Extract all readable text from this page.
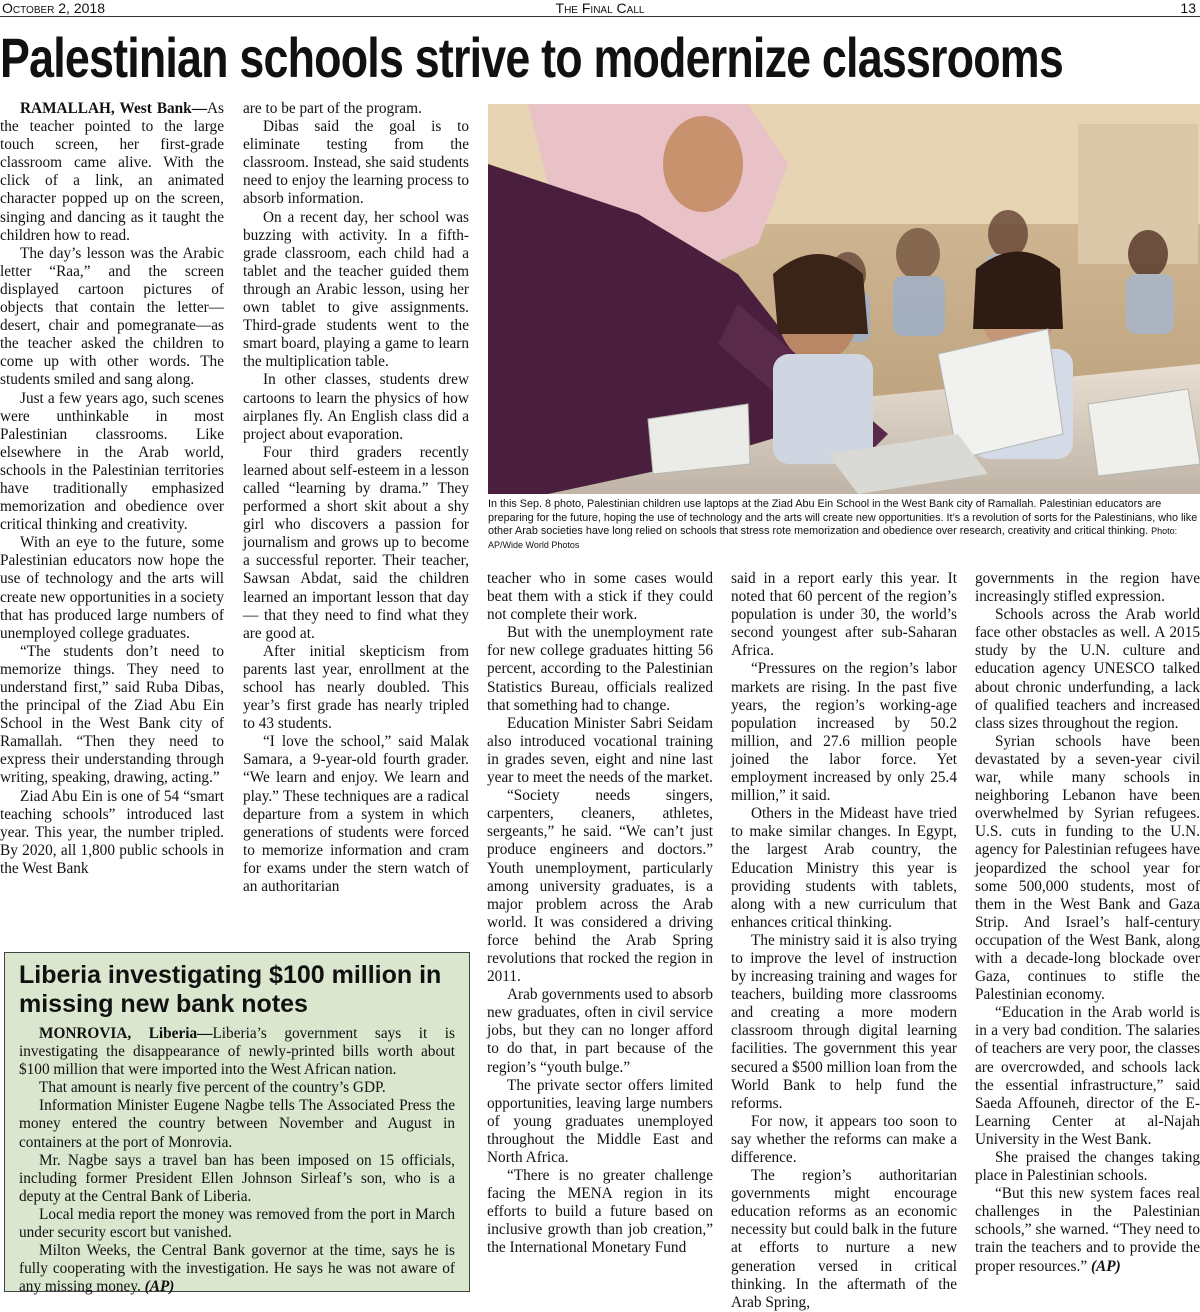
October 2, 2018	The Final Call	13
Palestinian schools strive to modernize classrooms

RAMALLAH, West Bank—As the teacher pointed to the large touch screen, her first-grade classroom came alive. With the click of a link, an animated character popped up on the screen, singing and dancing as it taught the children how to read.

The day’s lesson was the Arabic letter “Raa,” and the screen displayed cartoon pictures of objects that contain the letter—desert, chair and pomegranate—as the teacher asked the children to come up with other words. The students smiled and sang along.

Just a few years ago, such scenes were unthinkable in most Palestinian classrooms. Like elsewhere in the Arab world, schools in the Palestinian territories have traditionally emphasized memorization and obedience over critical thinking and creativity.

With an eye to the future, some Palestinian educators now hope the use of technology and the arts will create new opportunities in a society that has produced large numbers of unemployed college graduates.

“The students don’t need to memorize things. They need to understand first,” said Ruba Dibas, the principal of the Ziad Abu Ein School in the West Bank city of Ramallah. “Then they need to express their understanding through writing, speaking, drawing, acting.”

Ziad Abu Ein is one of 54 “smart teaching schools” introduced last year. This year, the number tripled. By 2020, all 1,800 public schools in the West Bank

are to be part of the program.

Dibas said the goal is to eliminate testing from the classroom. Instead, she said students need to enjoy the learning process to absorb information.

On a recent day, her school was buzzing with activity. In a fifth-grade classroom, each child had a tablet and the teacher guided them through an Arabic lesson, using her own tablet to give assignments. Third-grade students went to the smart board, playing a game to learn the multiplication table.

In other classes, students drew cartoons to learn the physics of how airplanes fly. An English class did a project about evaporation.

Four third graders recently learned about self-esteem in a lesson called “learning by drama.” They performed a short skit about a shy girl who discovers a passion for journalism and grows up to become a successful reporter. Their teacher, Sawsan Abdat, said the children learned an important lesson that day— that they need to find what they are good at.

After initial skepticism from parents last year, enrollment at the school has nearly doubled. This year’s first grade has nearly tripled to 43 students.

“I love the school,” said Malak Samara, a 9-year-old fourth grader. “We learn and enjoy. We learn and play.” These techniques are a radical departure from a system in which generations of students were forced to memorize information and cram for exams under the stern watch of an authoritarian

In this Sep. 8 photo, Palestinian children use laptops at the Ziad Abu Ein School in the West Bank city of Ramallah. Palestinian educators are preparing for the future, hoping the use of technology and the arts will create new opportunities. It’s a revolution of sorts for the Palestinians, who like other Arab societies have long relied on schools that stress rote memorization and obedience over research, creativity and critical thinking. Photo: AP/Wide World Photos

teacher who in some cases would beat them with a stick if they could not complete their work.

But with the unemployment rate for new college graduates hitting 56 percent, according to the Palestinian Statistics Bureau, officials realized that something had to change.

Education Minister Sabri Seidam also introduced vocational training in grades seven, eight and nine last year to meet the needs of the market.

“Society needs singers, carpenters, cleaners, athletes, sergeants,” he said. “We can’t just produce engineers and doctors.” Youth unemployment, particularly among university graduates, is a major problem across the Arab world. It was considered a driving force behind the Arab Spring revolutions that rocked the region in 2011.

Arab governments used to absorb new graduates, often in civil service jobs, but they can no longer afford to do that, in part because of the region’s “youth bulge.”

The private sector offers limited opportunities, leaving large numbers of young graduates unemployed throughout the Middle East and North Africa.

“There is no greater challenge facing the MENA region in its efforts to build a future based on inclusive growth than job creation,” the International Monetary Fund

said in a report early this year. It noted that 60 percent of the region’s population is under 30, the world’s second youngest after sub-Saharan Africa.

“Pressures on the region’s labor markets are rising. In the past five years, the region’s working-age population increased by 50.2 million, and 27.6 million people joined the labor force. Yet employment increased by only 25.4 million,” it said.

Others in the Mideast have tried to make similar changes. In Egypt, the largest Arab country, the Education Ministry this year is providing students with tablets, along with a new curriculum that enhances critical thinking.

The ministry said it is also trying to improve the level of instruction by increasing training and wages for teachers, building more classrooms and creating a more modern classroom through digital learning facilities. The government this year secured a $500 million loan from the World Bank to help fund the reforms.

For now, it appears too soon to say whether the reforms can make a difference.

The region’s authoritarian governments might encourage education reforms as an economic necessity but could balk in the future at efforts to nurture a new generation versed in critical thinking. In the aftermath of the Arab Spring,

governments in the region have increasingly stifled expression.

Schools across the Arab world face other obstacles as well. A 2015 study by the U.N. culture and education agency UNESCO talked about chronic underfunding, a lack of qualified teachers and increased class sizes throughout the region.

Syrian schools have been devastated by a seven-year civil war, while many schools in neighboring Lebanon have been overwhelmed by Syrian refugees. U.S. cuts in funding to the U.N. agency for Palestinian refugees have jeopardized the school year for some 500,000 students, most of them in the West Bank and Gaza Strip. And Israel’s half-century occupation of the West Bank, along with a decade-long blockade over Gaza, continues to stifle the Palestinian economy.

“Education in the Arab world is in a very bad condition. The salaries of teachers are very poor, the classes are overcrowded, and schools lack the essential infrastructure,” said Saeda Affouneh, director of the E-Learning Center at al-Najah University in the West Bank.

She praised the changes taking place in Palestinian schools.

“But this new system faces real challenges in the Palestinian schools,” she warned. “They need to train the teachers and to provide the proper resources.” (AP)

Liberia investigating $100 million in missing new bank notes

MONROVIA, Liberia—Liberia’s government says it is investigating the disappearance of newly-printed bills worth about $100 million that were imported into the West African nation.

That amount is nearly five percent of the country’s GDP.

Information Minister Eugene Nagbe tells The Associated Press the money entered the country between November and August in containers at the port of Monrovia.

Mr. Nagbe says a travel ban has been imposed on 15 officials, including former President Ellen Johnson Sirleaf’s son, who is a deputy at the Central Bank of Liberia.

Local media report the money was removed from the port in March under security escort but vanished.

Milton Weeks, the Central Bank governor at the time, says he is fully cooperating with the investigation. He says he was not aware of any missing money. (AP)
